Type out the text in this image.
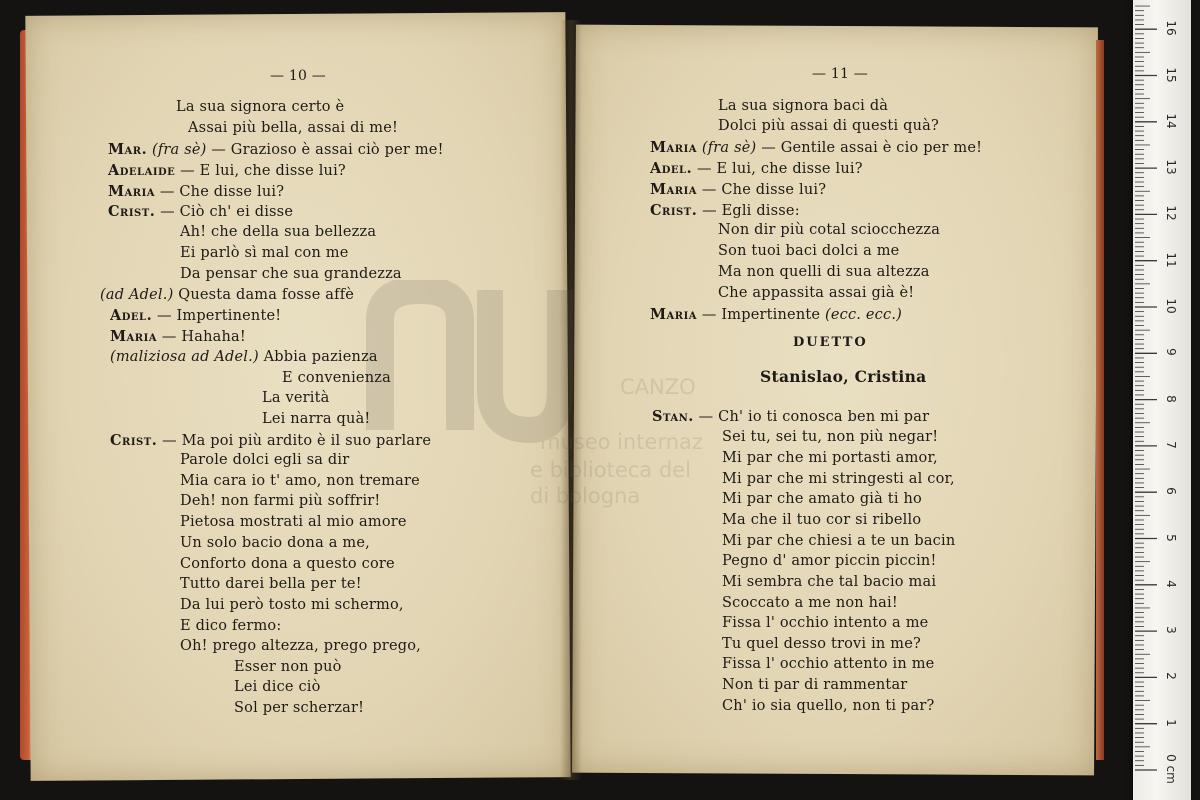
— 10 —
La sua signora certo è
Assai più bella, assai di me!
Mar. (fra sè) — Grazioso è assai ciò per me!
Adelaide — E lui, che disse lui?
Maria — Che disse lui?
Crist. — Ciò ch' ei disse
Ah! che della sua bellezza
Ei parlò sì mal con me
Da pensar che sua grandezza
(ad Adel.) Questa dama fosse affè
Adel. — Impertinente!
Maria — Hahaha!
(maliziosa ad Adel.) Abbia pazienza
E convenienza
La verità
Lei narra quà!
Crist. — Ma poi più ardito è il suo parlare
Parole dolci egli sa dir
Mia cara io t' amo, non tremare
Deh! non farmi più soffrir!
Pietosa mostrati al mio amore
Un solo bacio dona a me,
Conforto dona a questo core
Tutto darei bella per te!
Da lui però tosto mi schermo,
E dico fermo:
Oh! prego altezza, prego prego,
Esser non può
Lei dice ciò
Sol per scherzar!
— 11 —
DUETTO
Stanislao, Cristina
La sua signora baci dà
Dolci più assai di questi quà?
Maria (fra sè) — Gentile assai è cio per me!
Adel. — E lui, che disse lui?
Maria — Che disse lui?
Crist. — Egli disse:
Non dir più cotal sciocchezza
Son tuoi baci dolci a me
Ma non quelli di sua altezza
Che appassita assai già è!
Maria — Impertinente (ecc. ecc.)
Stan. — Ch' io ti conosca ben mi par
Sei tu, sei tu, non più negar!
Mi par che mi portasti amor,
Mi par che mi stringesti al cor,
Mi par che amato già ti ho
Ma che il tuo cor si ribello
Mi par che chiesi a te un bacin
Pegno d' amor piccin piccin!
Mi sembra che tal bacio mai
Scoccato a me non hai!
Fissa l' occhio intento a me
Tu quel desso trovi in me?
Fissa l' occhio attento in me
Non ti par di rammentar
Ch' io sia quello, non ti par?
0 cm
1
2
3
4
5
6
7
8
9
10
11
12
13
14
15
16
